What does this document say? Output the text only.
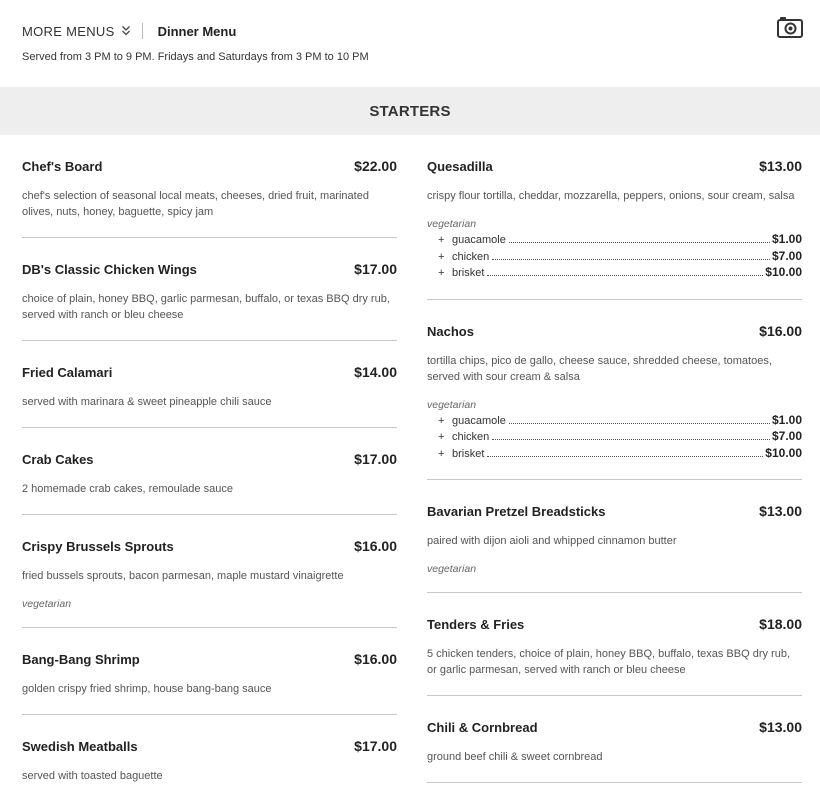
MORE MENUS	Dinner Menu
Served from 3 PM to 9 PM. Fridays and Saturdays from 3 PM to 10 PM
STARTERS
Chef's Board	$22.00
chef's selection of seasonal local meats, cheeses, dried fruit, marinated olives, nuts, honey, baguette, spicy jam
DB's Classic Chicken Wings	$17.00
choice of plain, honey BBQ, garlic parmesan, buffalo, or texas BBQ dry rub, served with ranch or bleu cheese
Fried Calamari	$14.00
served with marinara & sweet pineapple chili sauce
Crab Cakes	$17.00
2 homemade crab cakes, remoulade sauce
Crispy Brussels Sprouts	$16.00
fried bussels sprouts, bacon parmesan, maple mustard vinaigrette
vegetarian
Bang-Bang Shrimp	$16.00
golden crispy fried shrimp, house bang-bang sauce
Swedish Meatballs	$17.00
served with toasted baguette
Quesadilla	$13.00
crispy flour tortilla, cheddar, mozzarella, peppers, onions, sour cream, salsa
vegetarian
+ guacamole	$1.00
+ chicken	$7.00
+ brisket	$10.00
Nachos	$16.00
tortilla chips, pico de gallo, cheese sauce, shredded cheese, tomatoes, served with sour cream & salsa
vegetarian
+ guacamole	$1.00
+ chicken	$7.00
+ brisket	$10.00
Bavarian Pretzel Breadsticks	$13.00
paired with dijon aioli and whipped cinnamon butter
vegetarian
Tenders & Fries	$18.00
5 chicken tenders, choice of plain, honey BBQ, buffalo, texas BBQ dry rub, or garlic parmesan, served with ranch or bleu cheese
Chili & Cornbread	$13.00
ground beef chili & sweet cornbread
